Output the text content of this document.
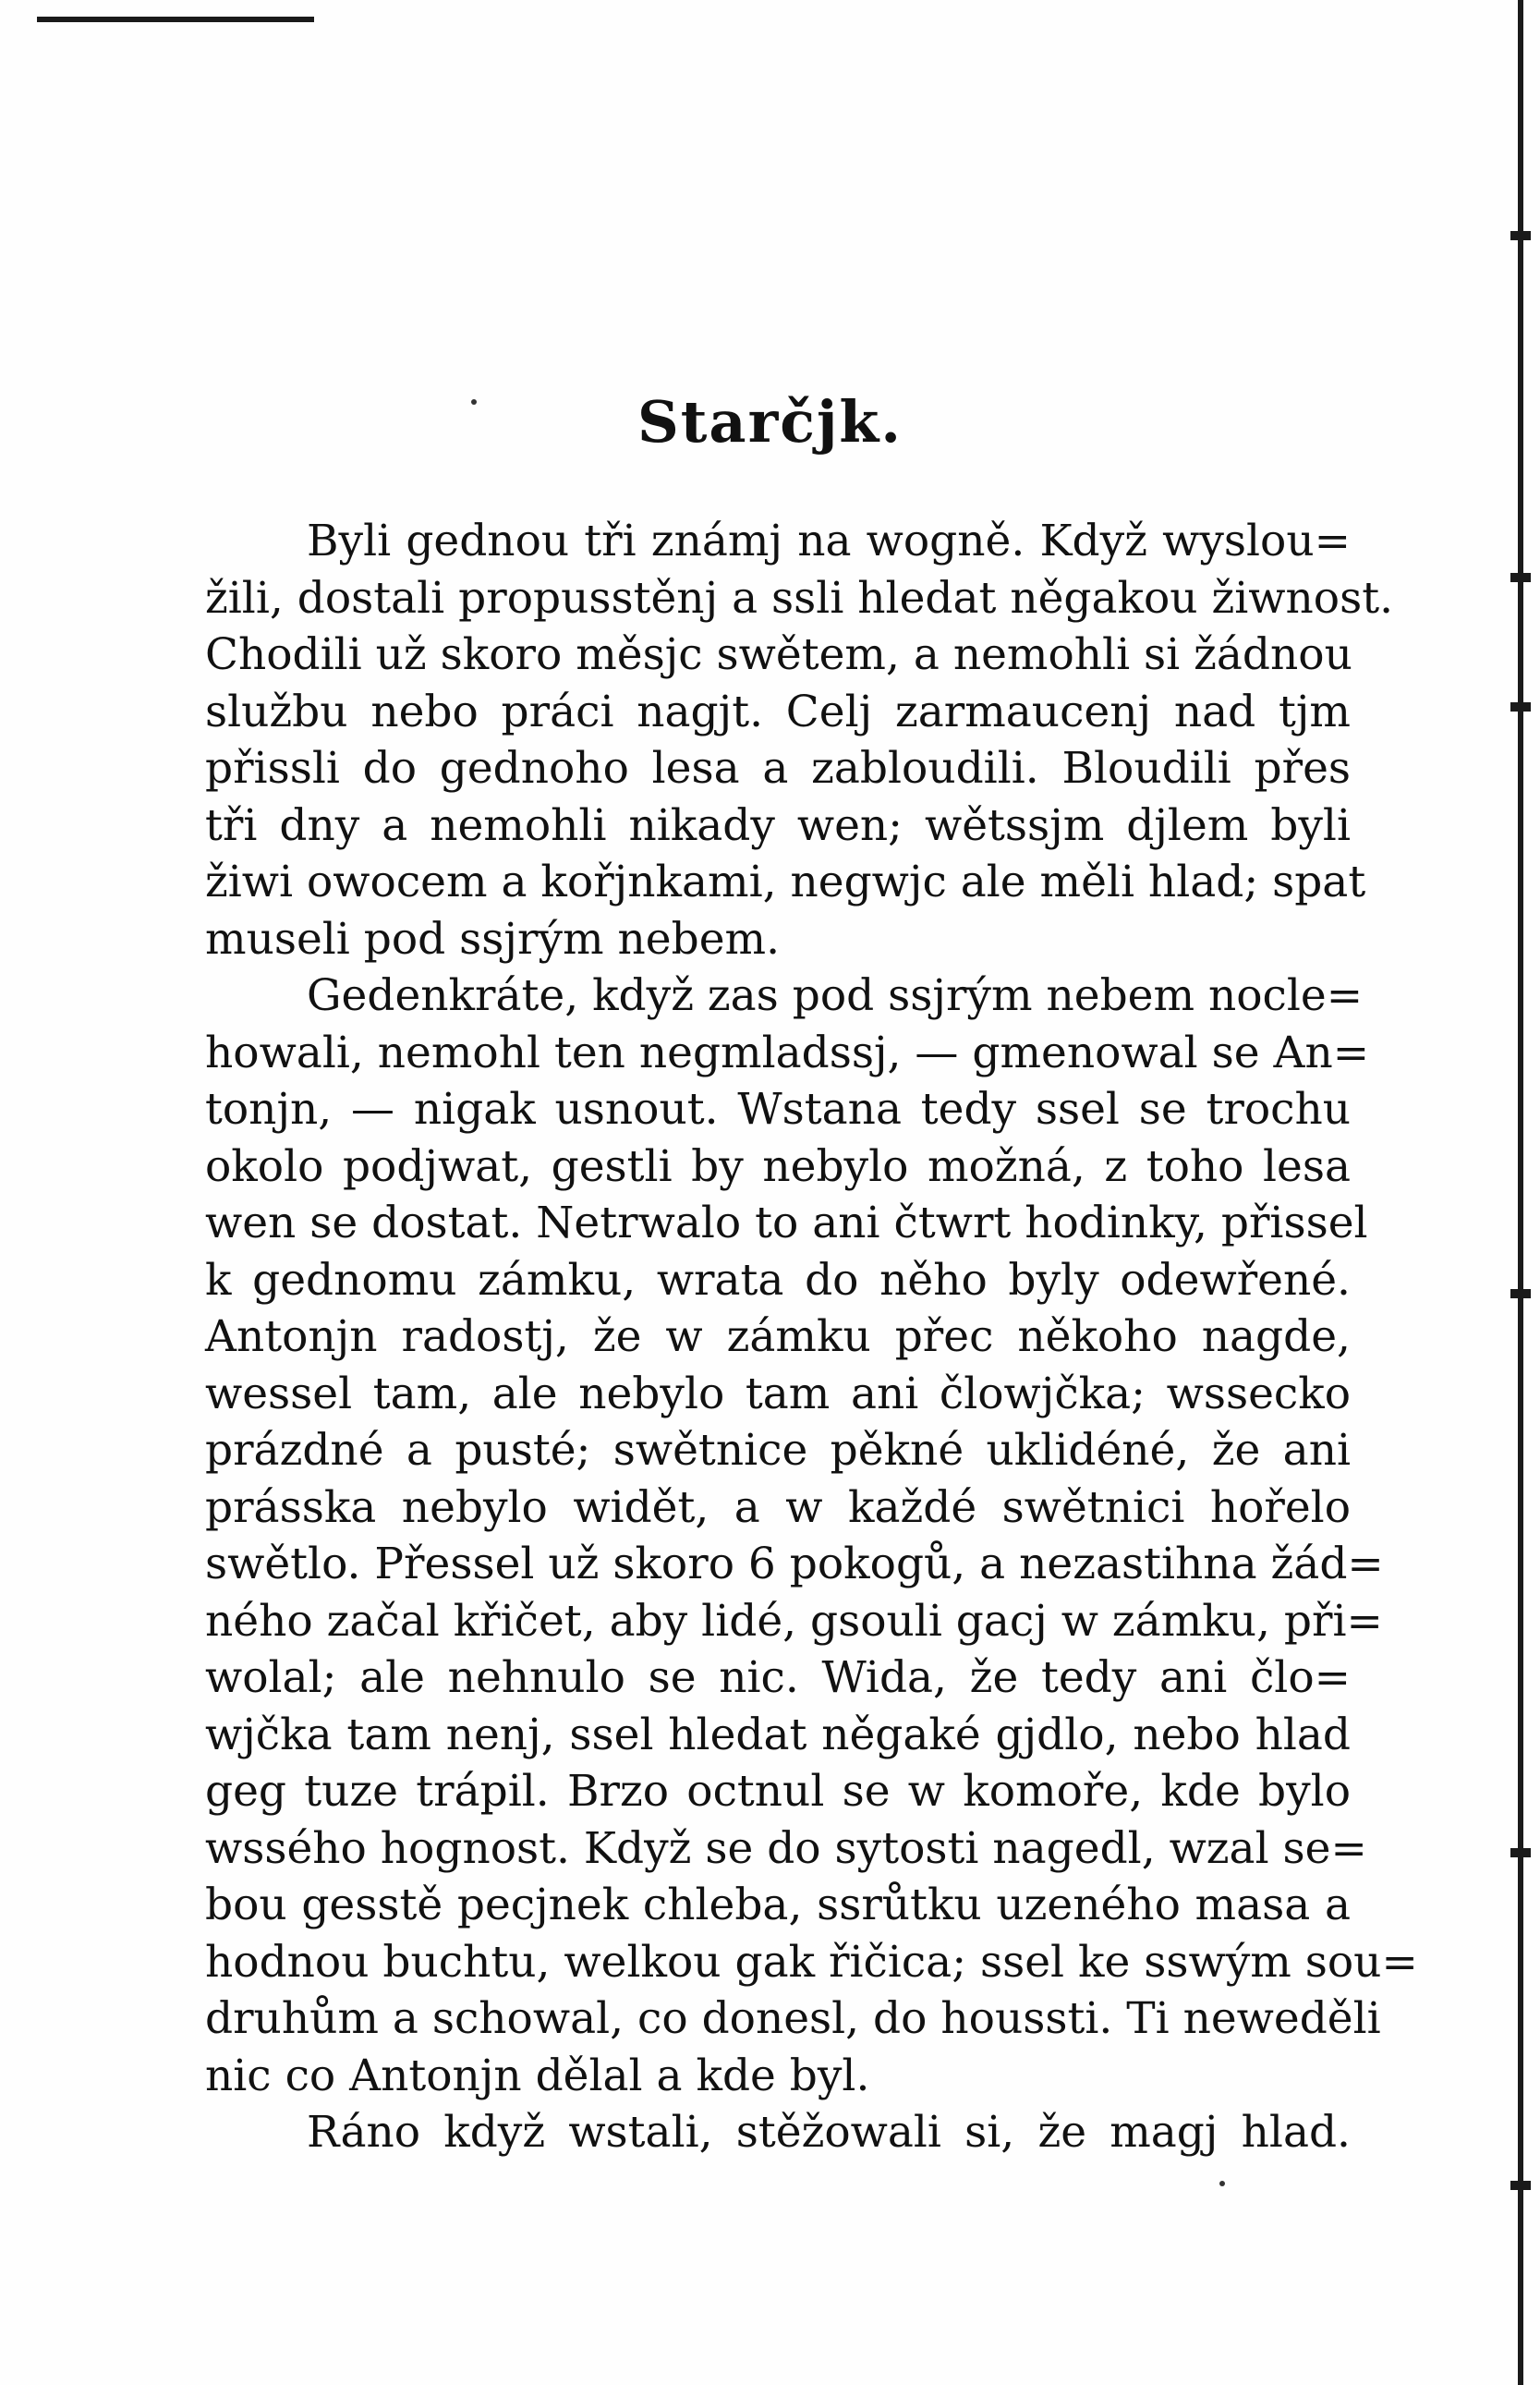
Starčjk.
Byli gednou tři známj na wogně. Když wyslou=
žili, dostali propusstěnj a ssli hledat něgakou žiwnost.
Chodili už skoro měsjc swětem, a nemohli si žádnou
službu nebo práci nagjt. Celj zarmaucenj nad tjm
přissli do gednoho lesa a zabloudili. Bloudili přes
tři dny a nemohli nikady wen; wětssjm djlem byli
žiwi owocem a kořjnkami, negwjc ale měli hlad; spat
museli pod ssjrým nebem.
Gedenkráte, když zas pod ssjrým nebem nocle=
howali, nemohl ten negmladssj, — gmenowal se An=
tonjn, — nigak usnout. Wstana tedy ssel se trochu
okolo podjwat, gestli by nebylo možná, z toho lesa
wen se dostat. Netrwalo to ani čtwrt hodinky, přissel
k gednomu zámku, wrata do něho byly odewřené.
Antonjn radostj, že w zámku přec někoho nagde,
wessel tam, ale nebylo tam ani člowjčka; wsseckо
prázdné a pusté; swětnice pěkné uklidéné, že ani
prásska nebylo widět, a w každé swětnici hořelo
swětlo. Přessel už skoro 6 pokogů, a nezastihna žád=
ného začal křičet, aby lidé, gsouli gacj w zámku, při=
wolal; ale nehnulo se nic. Wida, že tedy ani člo=
wjčka tam nenj, ssel hledat něgaké gjdlo, nebo hlad
geg tuze trápil. Brzo octnul se w komoře, kde bylo
wssého hognost. Když se do sytosti nagedl, wzal se=
bou gesstě pecjnek chleba, ssrůtku uzeného masa a
hodnou buchtu, welkou gak řičica; ssel ke sswým sou=
druhům a schowal, co donesl, do houssti. Ti neweděli
nic co Antonjn dělal a kde byl.
Ráno když wstali, stěžowali si, že magj hlad.
